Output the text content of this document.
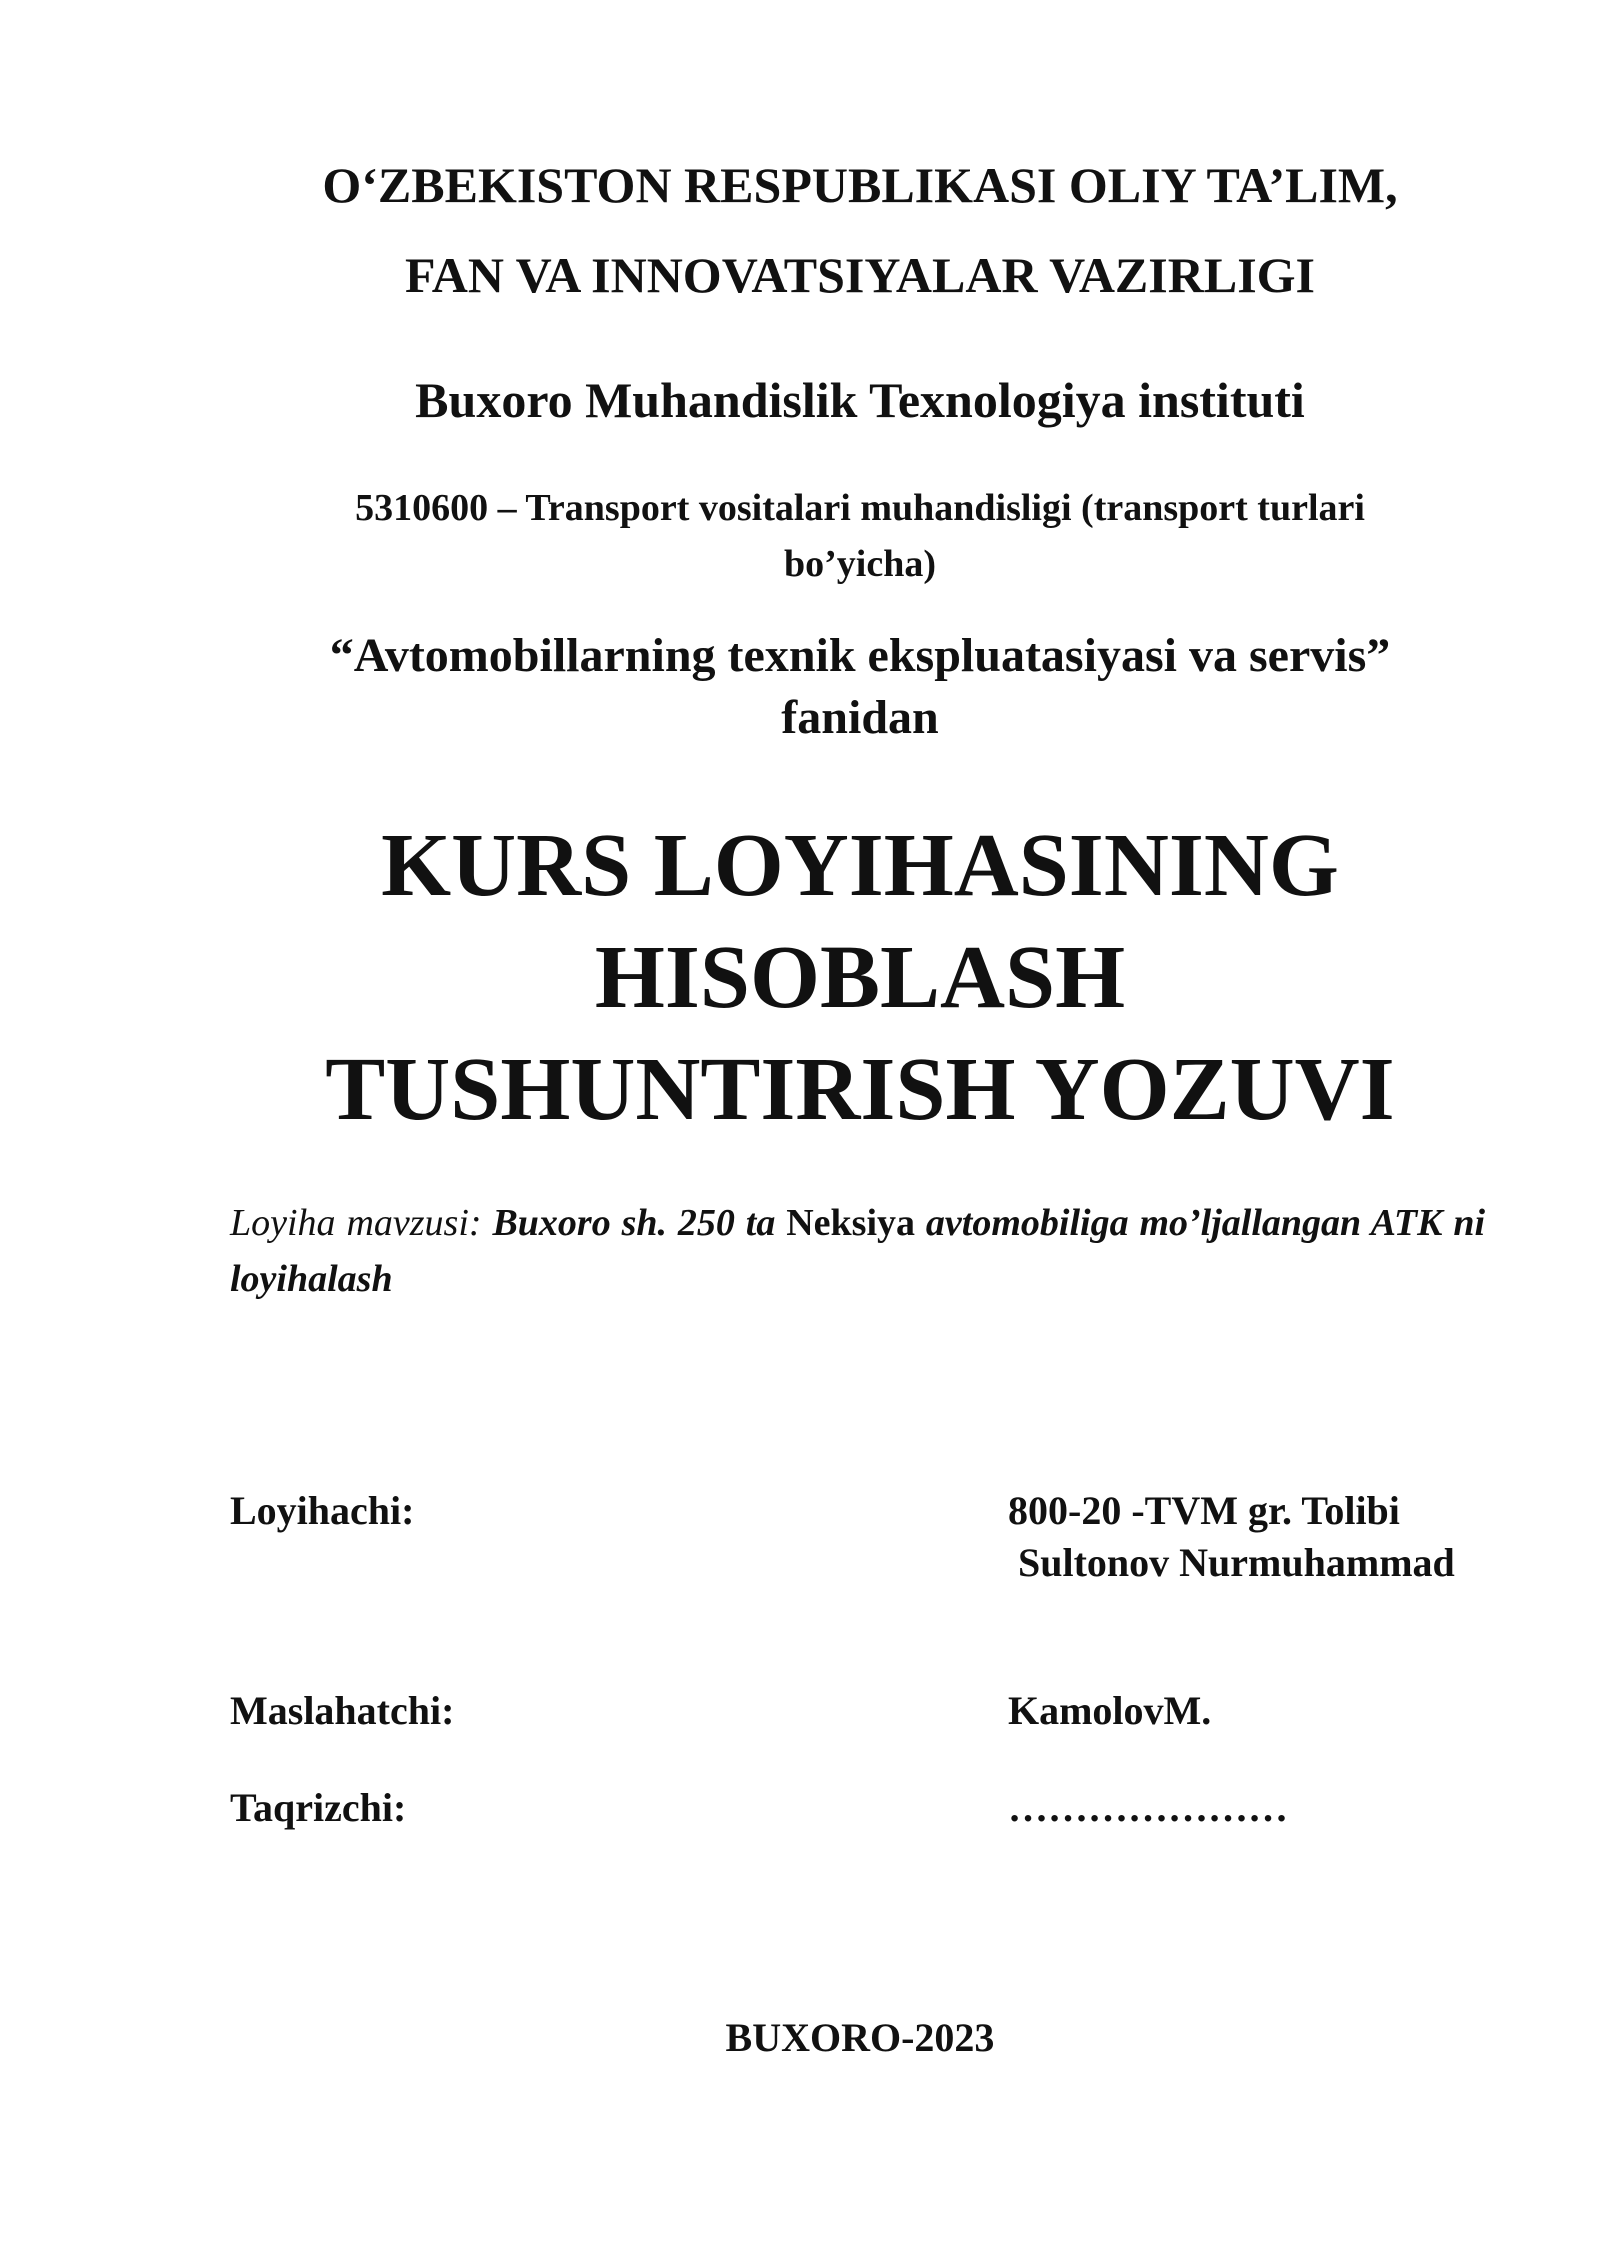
O‘ZBEKISTON RESPUBLIKASI OLIY TA’LIM,
FAN VA INNOVATSIYALAR VAZIRLIGI
Buxoro Muhandislik Texnologiya instituti
5310600 – Transport vositalari muhandisligi (transport turlari
bo’yicha)
“Avtomobillarning texnik ekspluatasiyasi va servis”
fanidan
KURS LOYIHASINING
HISOBLASH
TUSHUNTIRISH YOZUVI
Loyiha mavzusi: Buxoro sh. 250 ta Neksiya avtomobiliga mo’ljallangan ATK ni loyihalash
Loyihachi:	800-20 -TVM gr. Tolibi
Sultonov Nurmuhammad
Maslahatchi:	KamolovM.
Taqrizchi:	…………………
BUXORO-2023
